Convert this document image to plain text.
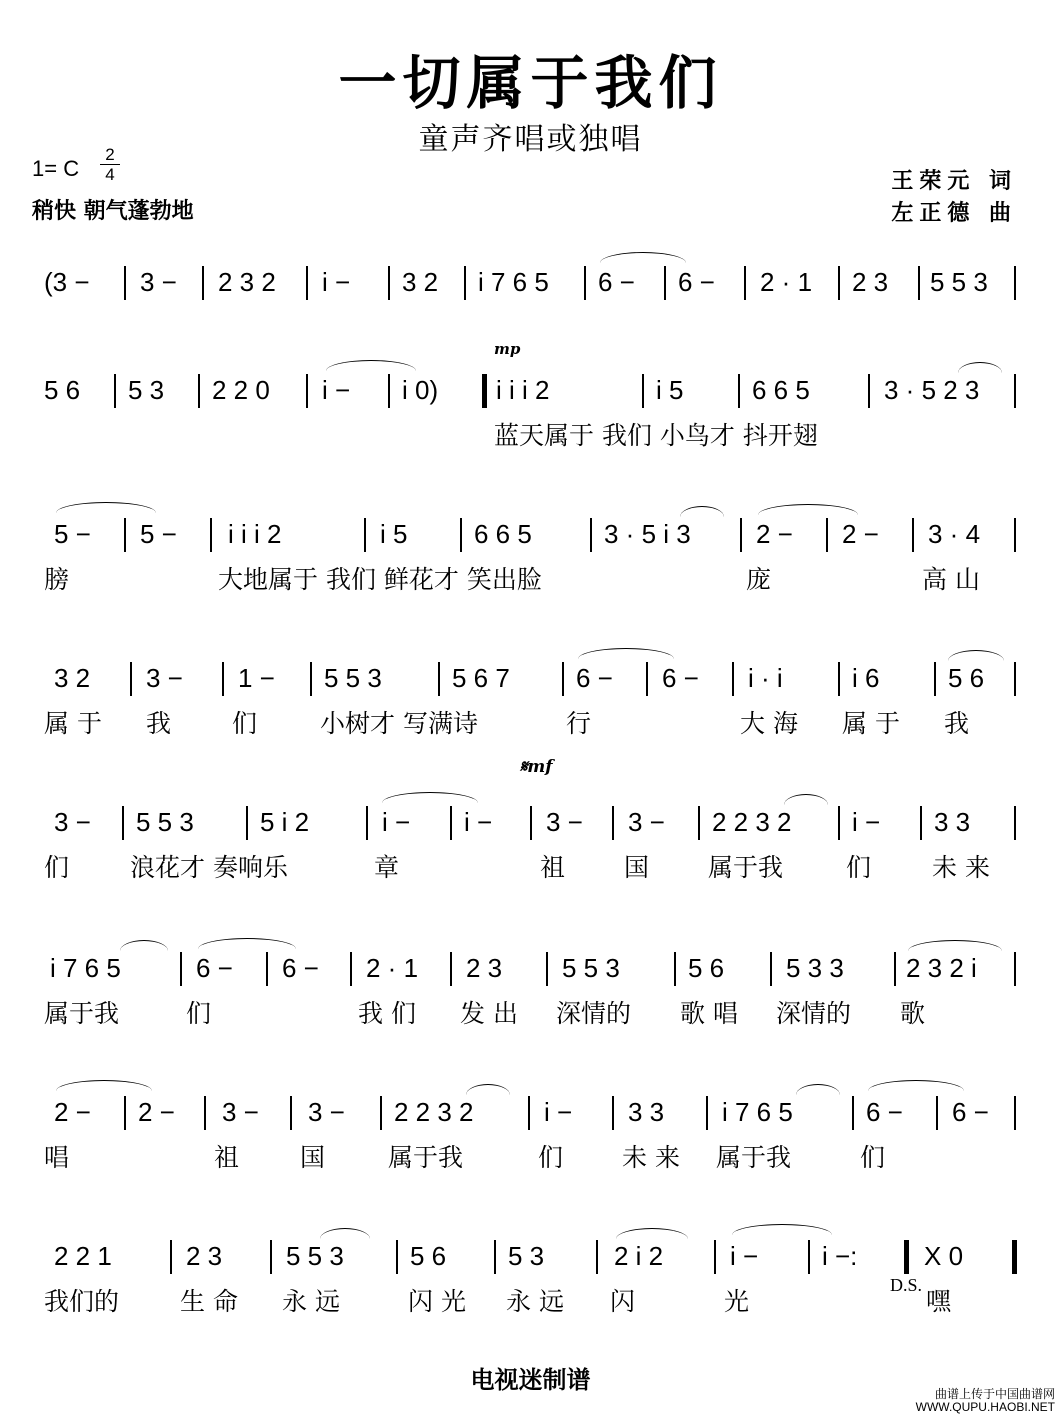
一切属于我们
童声齐唱或独唱
1= C
2
4
稍快 朝气蓬勃地
王荣元 词
左正德 曲
mp
𝄋mf
(3 − 3 − 2 3 2 i − 3 2 i 7 6 5 6 − 6 − 2 · 1 2 3 5 5 3
5 6 5 3 2 2 0 i − i 0) i i i 2	i 5	6 6 5	3 · 5 2 3
蓝天属于 我们 小鸟才 抖开翅
5 − 5 − i i i 2	i 5	6 6 5	3 · 5 i 3	2 − 2 − 3 · 4
膀	大地属于 我们 鲜花才 笑出脸	庞	高 山
3 2 3 − 1 − 5 5 3	5 6 7	6 − 6 − i · i	i 6	5 6
属 于 我 们	小树才 写满诗	行	大 海 属 于 我
3 − 5 5 3	5 i 2	i − i − 3 − 3 − 2 2 3 2 i − 3 3
们 浪花才 奏响乐	章	祖 国 属于我	们 未 来
i 7 6 5	6 − 6 − 2 · 1 2 3 5 5 3	5 6 5 3 3 2 3 2 i
属于我	们	我 们 发 出 深情的 歌 唱 深情的 歌
2 − 2 − 3 − 3 − 2 2 3 2	i − 3 3 i 7 6 5	6 − 6 −
唱	祖 国	属于我	们 未 来 属于我	们
2 2 1	2 3 5 5 3	5 6 5 3	2 i 2	i − i −:	X 0
我们的 生 命 永 远	闪 光 永 远 闪	光	嘿
D.S.
电视迷制谱	曲谱上传于中国曲谱网
WWW.QUPU.HAOBI.NET
